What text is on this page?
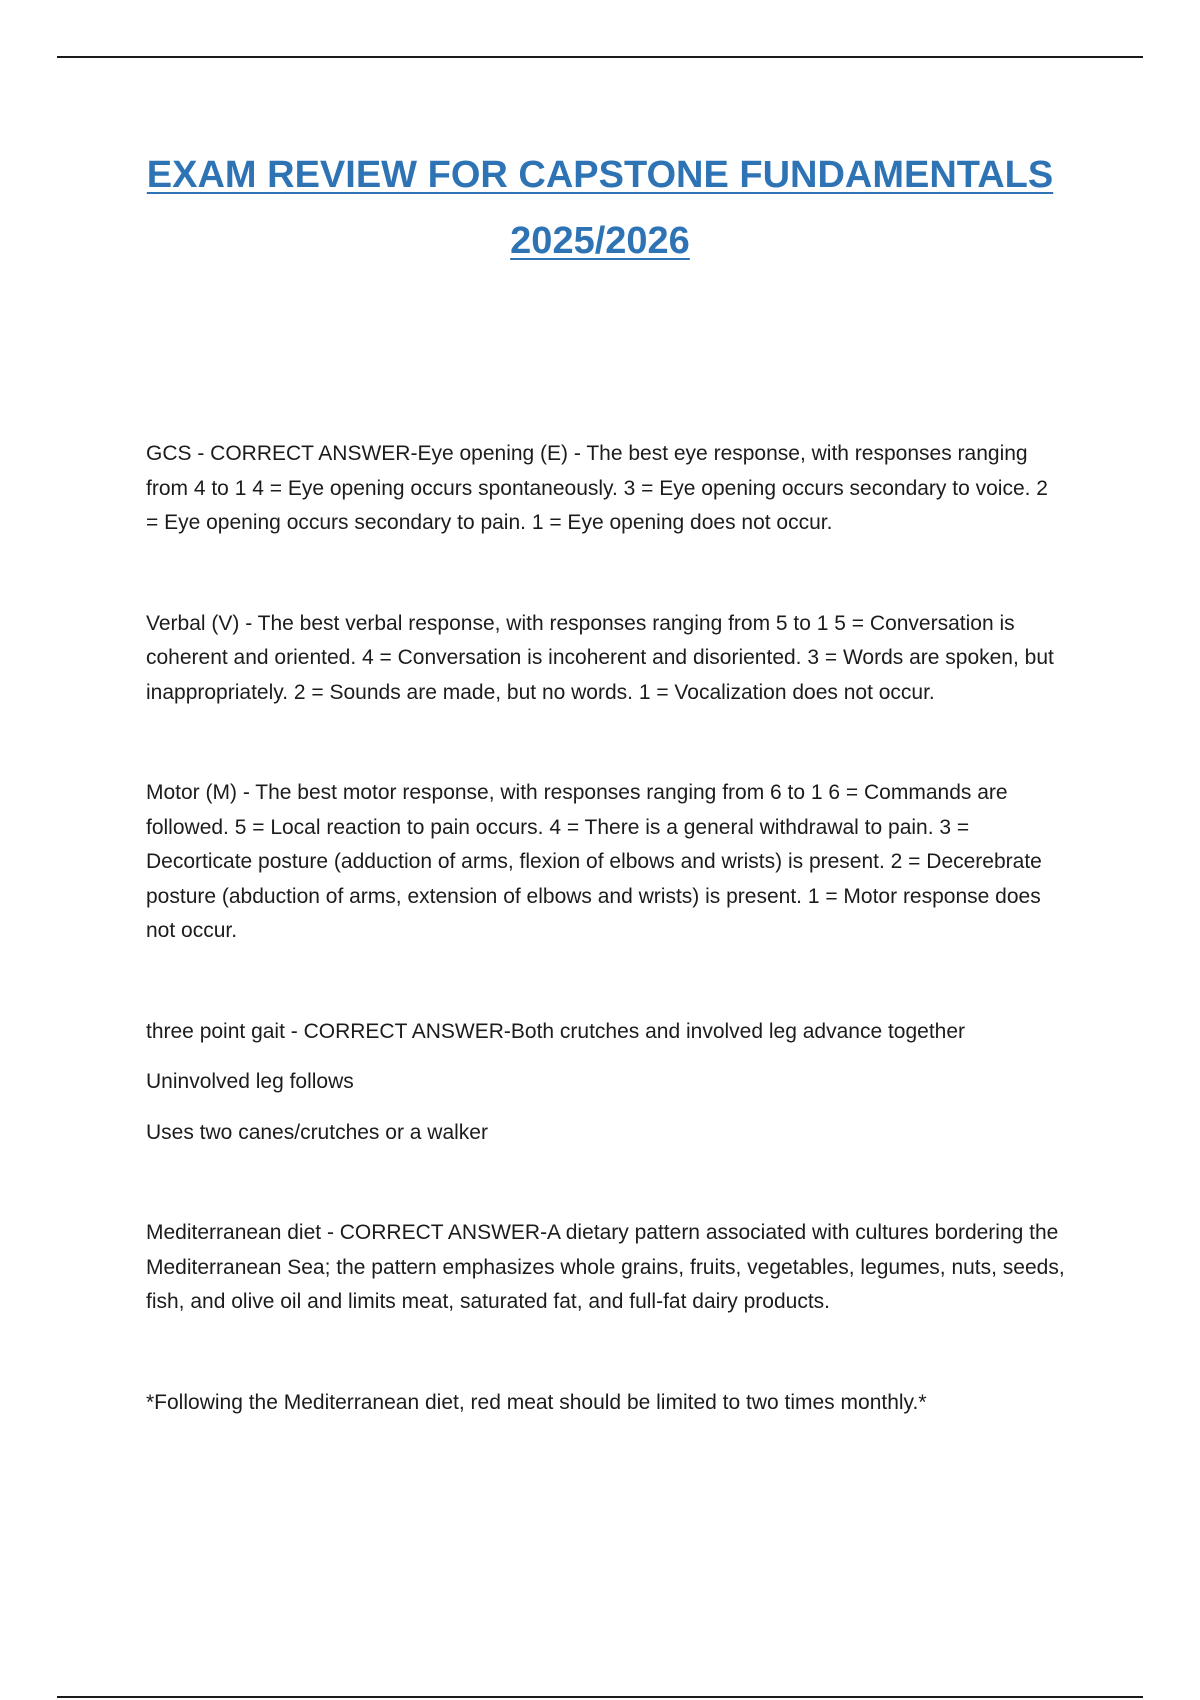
EXAM REVIEW FOR CAPSTONE FUNDAMENTALS
2025/2026

GCS - CORRECT ANSWER-Eye opening (E) - The best eye response, with responses ranging from 4 to 1 4 = Eye opening occurs spontaneously. 3 = Eye opening occurs secondary to voice. 2 = Eye opening occurs secondary to pain. 1 = Eye opening does not occur.

Verbal (V) - The best verbal response, with responses ranging from 5 to 1 5 = Conversation is coherent and oriented. 4 = Conversation is incoherent and disoriented. 3 = Words are spoken, but inappropriately. 2 = Sounds are made, but no words. 1 = Vocalization does not occur.

Motor (M) - The best motor response, with responses ranging from 6 to 1 6 = Commands are followed. 5 = Local reaction to pain occurs. 4 = There is a general withdrawal to pain. 3 = Decorticate posture (adduction of arms, flexion of elbows and wrists) is present. 2 = Decerebrate posture (abduction of arms, extension of elbows and wrists) is present. 1 = Motor response does not occur.

three point gait - CORRECT ANSWER-Both crutches and involved leg advance together

Uninvolved leg follows

Uses two canes/crutches or a walker

Mediterranean diet - CORRECT ANSWER-A dietary pattern associated with cultures bordering the Mediterranean Sea; the pattern emphasizes whole grains, fruits, vegetables, legumes, nuts, seeds, fish, and olive oil and limits meat, saturated fat, and full-fat dairy products.

*Following the Mediterranean diet, red meat should be limited to two times monthly.*
